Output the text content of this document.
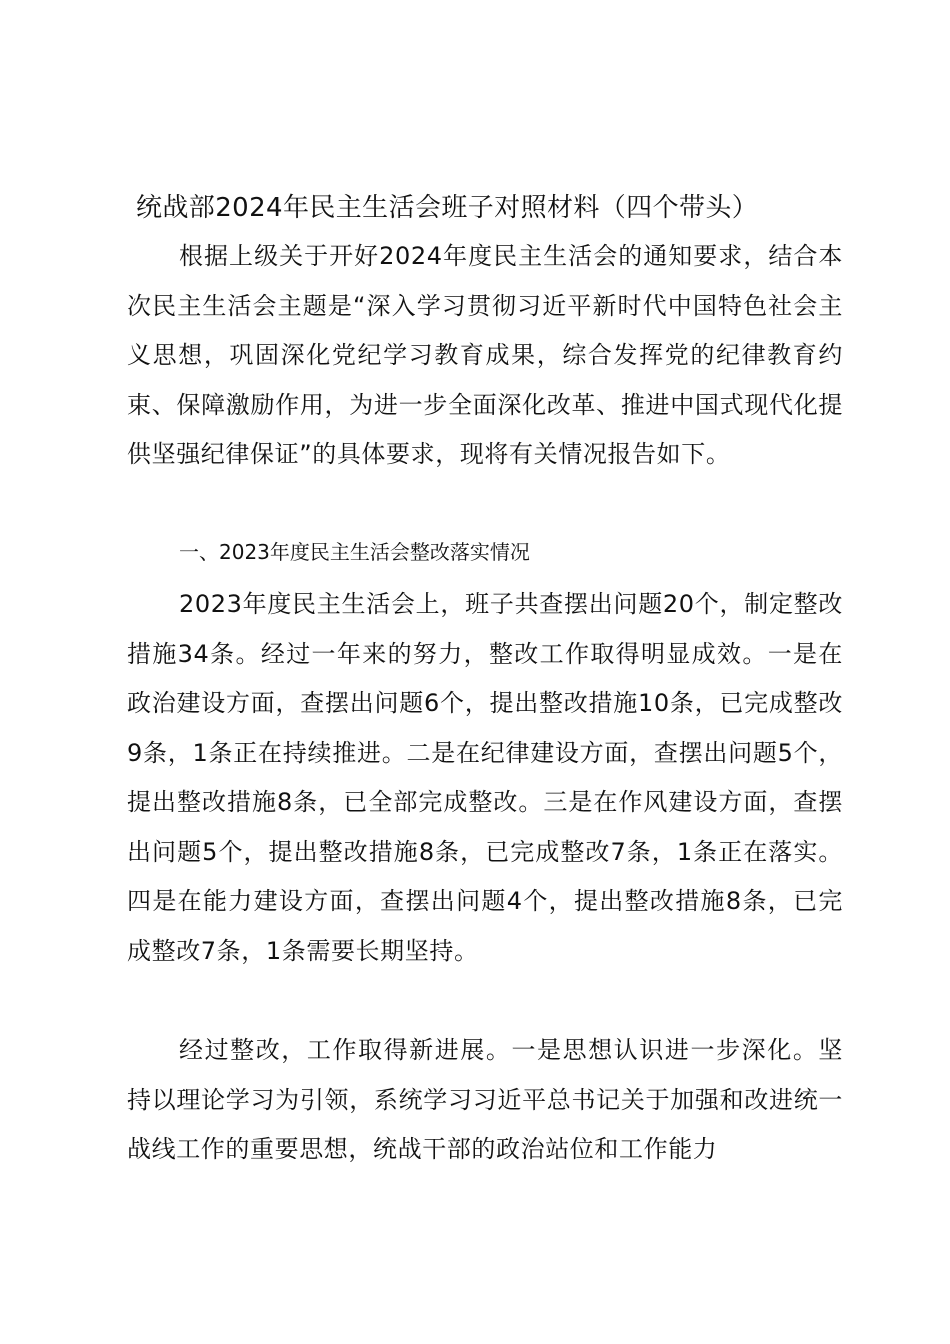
统战部2024年民主生活会班子对照材料（四个带头）

根据上级关于开好2024年度民主生活会的通知要求，结合本次民主生活会主题是“深入学习贯彻习近平新时代中国特色社会主义思想，巩固深化党纪学习教育成果，综合发挥党的纪律教育约束、保障激励作用，为进一步全面深化改革、推进中国式现代化提供坚强纪律保证”的具体要求，现将有关情况报告如下。

一、2023年度民主生活会整改落实情况

2023年度民主生活会上，班子共查摆出问题20个，制定整改措施34条。经过一年来的努力，整改工作取得明显成效。一是在政治建设方面，查摆出问题6个，提出整改措施10条，已完成整改9条，1条正在持续推进。二是在纪律建设方面，查摆出问题5个，提出整改措施8条，已全部完成整改。三是在作风建设方面，查摆出问题5个，提出整改措施8条，已完成整改7条，1条正在落实。四是在能力建设方面，查摆出问题4个，提出整改措施8条，已完成整改7条，1条需要长期坚持。

经过整改，工作取得新进展。一是思想认识进一步深化。坚持以理论学习为引领，系统学习习近平总书记关于加强和改进统一战线工作的重要思想，统战干部的政治站位和工作能力
